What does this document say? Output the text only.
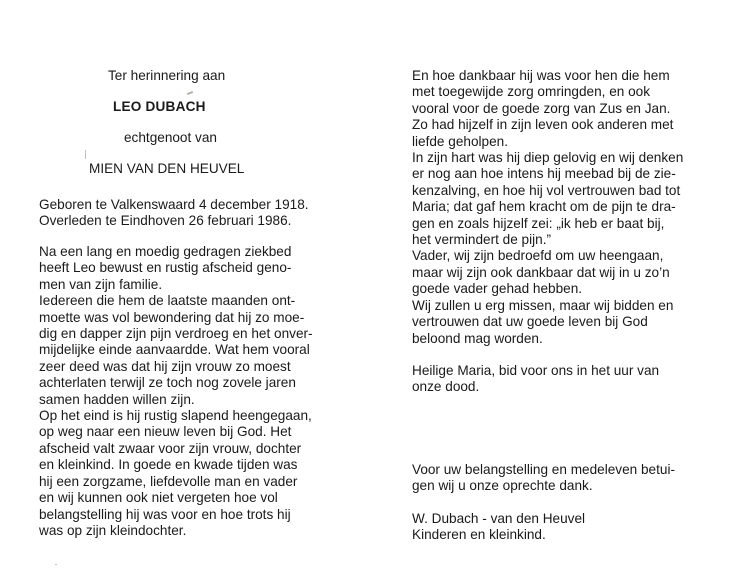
Ter herinnering aan
LEO DUBACH
echtgenoot van
MIEN VAN DEN HEUVEL
Geboren te Valkenswaard 4 december 1918.
Overleden te Eindhoven 26 februari 1986.
Na een lang en moedig gedragen ziekbed
heeft Leo bewust en rustig afscheid geno-
men van zijn familie.
Iedereen die hem de laatste maanden ont-
moette was vol bewondering dat hij zo moe-
dig en dapper zijn pijn verdroeg en het onver-
mijdelijke einde aanvaardde. Wat hem vooral
zeer deed was dat hij zijn vrouw zo moest
achterlaten terwijl ze toch nog zovele jaren
samen hadden willen zijn.
Op het eind is hij rustig slapend heengegaan,
op weg naar een nieuw leven bij God. Het
afscheid valt zwaar voor zijn vrouw, dochter
en kleinkind. In goede en kwade tijden was
hij een zorgzame, liefdevolle man en vader
en wij kunnen ook niet vergeten hoe vol
belangstelling hij was voor en hoe trots hij
was op zijn kleindochter.
En hoe dankbaar hij was voor hen die hem
met toegewijde zorg omringden, en ook
vooral voor de goede zorg van Zus en Jan.
Zo had hijzelf in zijn leven ook anderen met
liefde geholpen.
In zijn hart was hij diep gelovig en wij denken
er nog aan hoe intens hij meebad bij de zie-
kenzalving, en hoe hij vol vertrouwen bad tot
Maria; dat gaf hem kracht om de pijn te dra-
gen en zoals hijzelf zei: „ik heb er baat bij,
het vermindert de pijn.”
Vader, wij zijn bedroefd om uw heengaan,
maar wij zijn ook dankbaar dat wij in u zo’n
goede vader gehad hebben.
Wij zullen u erg missen, maar wij bidden en
vertrouwen dat uw goede leven bij God
beloond mag worden.
Heilige Maria, bid voor ons in het uur van
onze dood.
Voor uw belangstelling en medeleven betui-
gen wij u onze oprechte dank.
W. Dubach - van den Heuvel
Kinderen en kleinkind.
